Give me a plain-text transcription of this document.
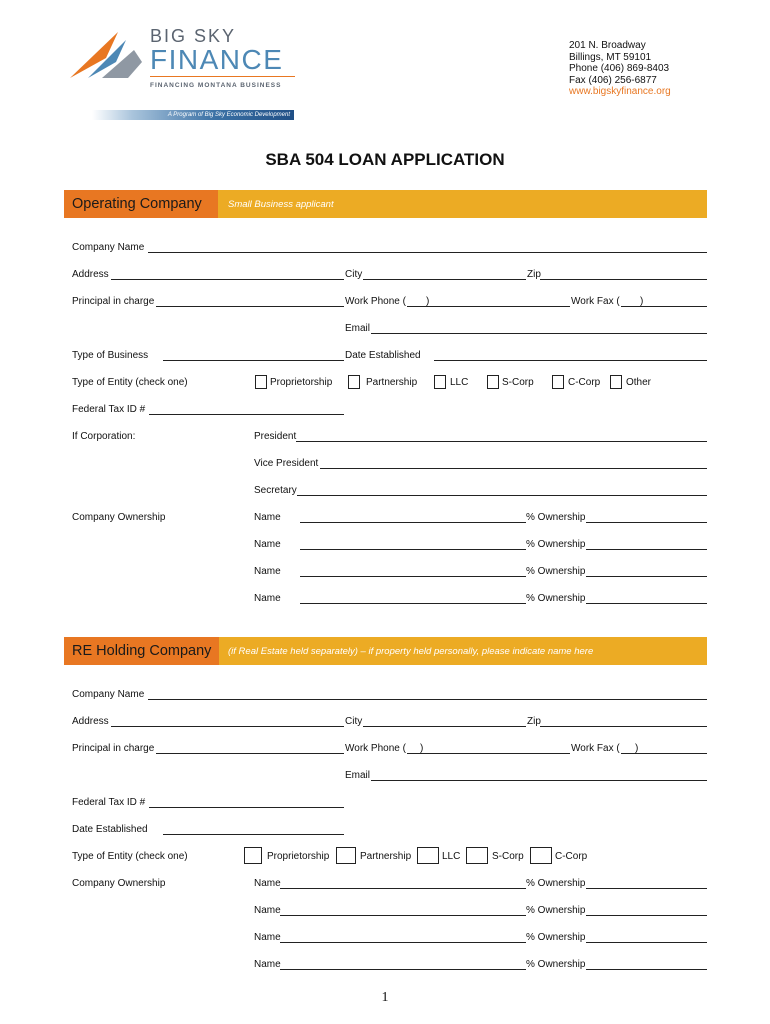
BIG SKY
FINANCE
FINANCING MONTANA BUSINESS
A Program of Big Sky Economic Development
201 N. Broadway
Billings, MT 59101
Phone (406) 869-8403
Fax (406) 256-6877
www.bigskyfinance.org
SBA 504 LOAN APPLICATION
Operating Company	Small Business applicant
Company Name
Address	City	Zip
Principal in charge	Work Phone ( )	Work Fax ( )
Email
Type of Business	Date Established
Type of Entity (check one)	Proprietorship	Partnership	LLC	S-Corp	C-Corp	Other
Federal Tax ID #
If Corporation:	President
Vice President
Secretary
Company Ownership	Name	% Ownership
Name	% Ownership
Name	% Ownership
Name	% Ownership
RE Holding Company	(if Real Estate held separately) – if property held personally, please indicate name here
Company Name
Address	City	Zip
Principal in charge	Work Phone ( )	Work Fax ( )
Email
Federal Tax ID #
Date Established
Type of Entity (check one)	Proprietorship	Partnership	LLC	S-Corp	C-Corp
Company Ownership	Name	% Ownership
Name	% Ownership
Name	% Ownership
Name	% Ownership
1
